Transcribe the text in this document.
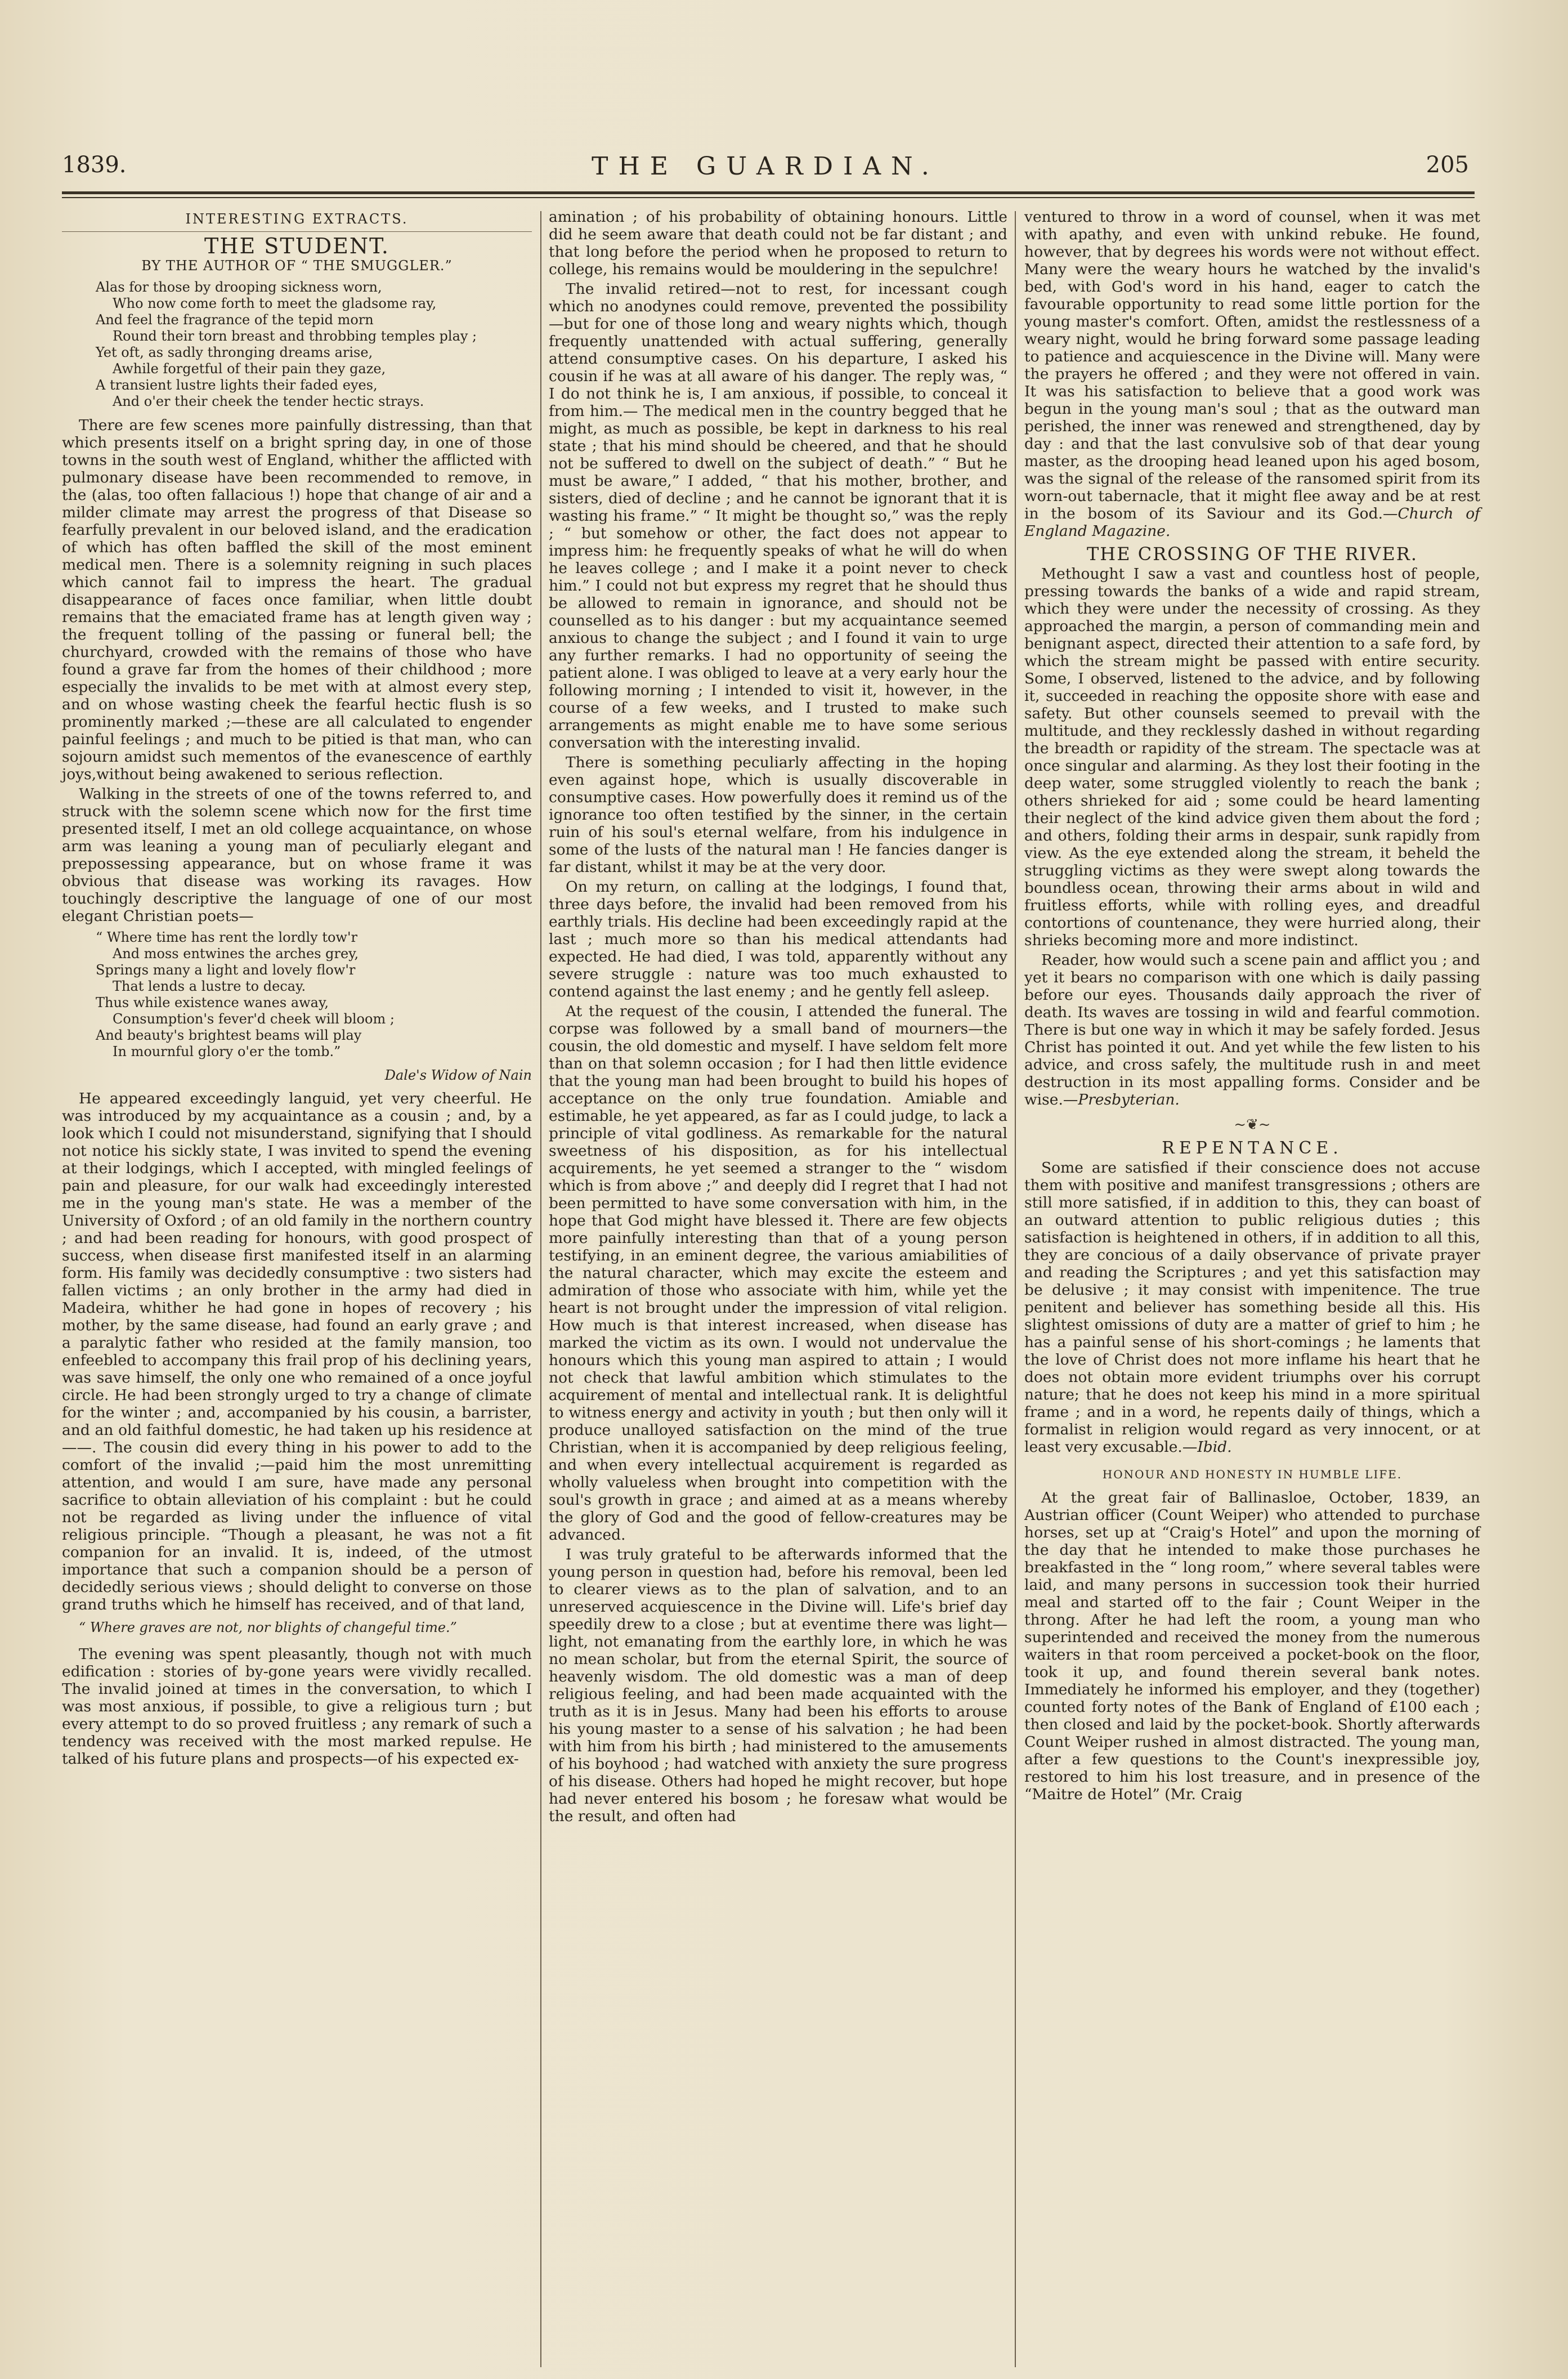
1839.	THE GUARDIAN.	205
INTERESTING EXTRACTS.
THE STUDENT.
BY THE AUTHOR OF “ THE SMUGGLER.”
Alas for those by drooping sickness worn,
Who now come forth to meet the gladsome ray,
And feel the fragrance of the tepid morn
Round their torn breast and throbbing temples play ;
Yet oft, as sadly thronging dreams arise,
Awhile forgetful of their pain they gaze,
A transient lustre lights their faded eyes,
And o'er their cheek the tender hectic strays.

There are few scenes more painfully distressing, than that which presents itself on a bright spring day, in one of those towns in the south west of England, whither the afflicted with pulmonary disease have been recommended to remove, in the (alas, too often fallacious !) hope that change of air and a milder climate may arrest the progress of that Disease so fearfully prevalent in our beloved island, and the eradication of which has often baffled the skill of the most eminent medical men. There is a solemnity reigning in such places which cannot fail to impress the heart. The gradual disappearance of faces once familiar, when little doubt remains that the emaciated frame has at length given way ; the frequent tolling of the passing or funeral bell; the churchyard, crowded with the remains of those who have found a grave far from the homes of their childhood ; more especially the invalids to be met with at almost every step, and on whose wasting cheek the fearful hectic flush is so prominently marked ;—these are all calculated to engender painful feelings ; and much to be pitied is that man, who can sojourn amidst such mementos of the evanescence of earthly joys,without being awakened to serious reflection.

Walking in the streets of one of the towns referred to, and struck with the solemn scene which now for the first time presented itself, I met an old college acquaintance, on whose arm was leaning a young man of peculiarly elegant and prepossessing appearance, but on whose frame it was obvious that disease was working its ravages. How touchingly descriptive the language of one of our most elegant Christian poets—

“ Where time has rent the lordly tow'r
And moss entwines the arches grey,
Springs many a light and lovely flow'r
That lends a lustre to decay.
Thus while existence wanes away,
Consumption's fever'd cheek will bloom ;
And beauty's brightest beams will play
In mournful glory o'er the tomb.”
Dale's Widow of Nain

He appeared exceedingly languid, yet very cheerful. He was introduced by my acquaintance as a cousin ; and, by a look which I could not misunderstand, signifying that I should not notice his sickly state, I was invited to spend the evening at their lodgings, which I accepted, with mingled feelings of pain and pleasure, for our walk had exceedingly interested me in the young man's state. He was a member of the University of Oxford ; of an old family in the northern country ; and had been reading for honours, with good prospect of success, when disease first manifested itself in an alarming form. His family was decidedly consumptive : two sisters had fallen victims ; an only brother in the army had died in Madeira, whither he had gone in hopes of recovery ; his mother, by the same disease, had found an early grave ; and a paralytic father who resided at the family mansion, too enfeebled to accompany this frail prop of his declining years, was save himself, the only one who remained of a once joyful circle. He had been strongly urged to try a change of climate for the winter ; and, accompanied by his cousin, a barrister, and an old faithful domestic, he had taken up his residence at ——. The cousin did every thing in his power to add to the comfort of the invalid ;—paid him the most unremitting attention, and would I am sure, have made any personal sacrifice to obtain alleviation of his complaint : but he could not be regarded as living under the influence of vital religious principle. “Though a pleasant, he was not a fit companion for an invalid. It is, indeed, of the utmost importance that such a companion should be a person of decidedly serious views ; should delight to converse on those grand truths which he himself has received, and of that land,

“ Where graves are not, nor blights of changeful time.”

The evening was spent pleasantly, though not with much edification : stories of by-gone years were vividly recalled. The invalid joined at times in the conversation, to which I was most anxious, if possible, to give a religious turn ; but every attempt to do so proved fruitless ; any remark of such a tendency was received with the most marked repulse. He talked of his future plans and prospects—of his expected ex-

amination ; of his probability of obtaining honours. Little did he seem aware that death could not be far distant ; and that long before the period when he proposed to return to college, his remains would be mouldering in the sepulchre!

The invalid retired—not to rest, for incessant cough which no anodynes could remove, prevented the possibility—but for one of those long and weary nights which, though frequently unattended with actual suffering, generally attend consumptive cases. On his departure, I asked his cousin if he was at all aware of his danger. The reply was, “ I do not think he is, I am anxious, if possible, to conceal it from him.— The medical men in the country begged that he might, as much as possible, be kept in darkness to his real state ; that his mind should be cheered, and that he should not be suffered to dwell on the subject of death.” “ But he must be aware,” I added, “ that his mother, brother, and sisters, died of decline ; and he cannot be ignorant that it is wasting his frame.” “ It might be thought so,” was the reply ; “ but somehow or other, the fact does not appear to impress him: he frequently speaks of what he will do when he leaves college ; and I make it a point never to check him.” I could not but express my regret that he should thus be allowed to remain in ignorance, and should not be counselled as to his danger : but my acquaintance seemed anxious to change the subject ; and I found it vain to urge any further remarks. I had no opportunity of seeing the patient alone. I was obliged to leave at a very early hour the following morning ; I intended to visit it, however, in the course of a few weeks, and I trusted to make such arrangements as might enable me to have some serious conversation with the interesting invalid.

There is something peculiarly affecting in the hoping even against hope, which is usually discoverable in consumptive cases. How powerfully does it remind us of the ignorance too often testified by the sinner, in the certain ruin of his soul's eternal welfare, from his indulgence in some of the lusts of the natural man ! He fancies danger is far distant, whilst it may be at the very door.

On my return, on calling at the lodgings, I found that, three days before, the invalid had been removed from his earthly trials. His decline had been exceedingly rapid at the last ; much more so than his medical attendants had expected. He had died, I was told, apparently without any severe struggle : nature was too much exhausted to contend against the last enemy ; and he gently fell asleep.

At the request of the cousin, I attended the funeral. The corpse was followed by a small band of mourners—the cousin, the old domestic and myself. I have seldom felt more than on that solemn occasion ; for I had then little evidence that the young man had been brought to build his hopes of acceptance on the only true foundation. Amiable and estimable, he yet appeared, as far as I could judge, to lack a principle of vital godliness. As remarkable for the natural sweetness of his disposition, as for his intellectual acquirements, he yet seemed a stranger to the “ wisdom which is from above ;” and deeply did I regret that I had not been permitted to have some conversation with him, in the hope that God might have blessed it. There are few objects more painfully interesting than that of a young person testifying, in an eminent degree, the various amiabilities of the natural character, which may excite the esteem and admiration of those who associate with him, while yet the heart is not brought under the impression of vital religion. How much is that interest increased, when disease has marked the victim as its own. I would not undervalue the honours which this young man aspired to attain ; I would not check that lawful ambition which stimulates to the acquirement of mental and intellectual rank. It is delightful to witness energy and activity in youth ; but then only will it produce unalloyed satisfaction on the mind of the true Christian, when it is accompanied by deep religious feeling, and when every intellectual acquirement is regarded as wholly valueless when brought into competition with the soul's growth in grace ; and aimed at as a means whereby the glory of God and the good of fellow-creatures may be advanced.

I was truly grateful to be afterwards informed that the young person in question had, before his removal, been led to clearer views as to the plan of salvation, and to an unreserved acquiescence in the Divine will. Life's brief day speedily drew to a close ; but at eventime there was light—light, not emanating from the earthly lore, in which he was no mean scholar, but from the eternal Spirit, the source of heavenly wisdom. The old domestic was a man of deep religious feeling, and had been made acquainted with the truth as it is in Jesus. Many had been his efforts to arouse his young master to a sense of his salvation ; he had been with him from his birth ; had ministered to the amusements of his boyhood ; had watched with anxiety the sure progress of his disease. Others had hoped he might recover, but hope had never entered his bosom ; he foresaw what would be the result, and often had

ventured to throw in a word of counsel, when it was met with apathy, and even with unkind rebuke. He found, however, that by degrees his words were not without effect. Many were the weary hours he watched by the invalid's bed, with God's word in his hand, eager to catch the favourable opportunity to read some little portion for the young master's comfort. Often, amidst the restlessness of a weary night, would he bring forward some passage leading to patience and acquiescence in the Divine will. Many were the prayers he offered ; and they were not offered in vain. It was his satisfaction to believe that a good work was begun in the young man's soul ; that as the outward man perished, the inner was renewed and strengthened, day by day : and that the last convulsive sob of that dear young master, as the drooping head leaned upon his aged bosom, was the signal of the release of the ransomed spirit from its worn-out tabernacle, that it might flee away and be at rest in the bosom of its Saviour and its God.—Church of England Magazine.

THE CROSSING OF THE RIVER.

Methought I saw a vast and countless host of people, pressing towards the banks of a wide and rapid stream, which they were under the necessity of crossing. As they approached the margin, a person of commanding mein and benignant aspect, directed their attention to a safe ford, by which the stream might be passed with entire security. Some, I observed, listened to the advice, and by following it, succeeded in reaching the opposite shore with ease and safety. But other counsels seemed to prevail with the multitude, and they recklessly dashed in without regarding the breadth or rapidity of the stream. The spectacle was at once singular and alarming. As they lost their footing in the deep water, some struggled violently to reach the bank ; others shrieked for aid ; some could be heard lamenting their neglect of the kind advice given them about the ford ; and others, folding their arms in despair, sunk rapidly from view. As the eye extended along the stream, it beheld the struggling victims as they were swept along towards the boundless ocean, throwing their arms about in wild and fruitless efforts, while with rolling eyes, and dreadful contortions of countenance, they were hurried along, their shrieks becoming more and more indistinct.

Reader, how would such a scene pain and afflict you ; and yet it bears no comparison with one which is daily passing before our eyes. Thousands daily approach the river of death. Its waves are tossing in wild and fearful commotion. There is but one way in which it may be safely forded. Jesus Christ has pointed it out. And yet while the few listen to his advice, and cross safely, the multitude rush in and meet destruction in its most appalling forms. Consider and be wise.—Presbyterian.

~❦~
REPENTANCE.

Some are satisfied if their conscience does not accuse them with positive and manifest transgressions ; others are still more satisfied, if in addition to this, they can boast of an outward attention to public religious duties ; this satisfaction is heightened in others, if in addition to all this, they are concious of a daily observance of private prayer and reading the Scriptures ; and yet this satisfaction may be delusive ; it may consist with impenitence. The true penitent and believer has something beside all this. His slightest omissions of duty are a matter of grief to him ; he has a painful sense of his short-comings ; he laments that the love of Christ does not more inflame his heart that he does not obtain more evident triumphs over his corrupt nature; that he does not keep his mind in a more spiritual frame ; and in a word, he repents daily of things, which a formalist in religion would regard as very innocent, or at least very excusable.—Ibid.

HONOUR AND HONESTY IN HUMBLE LIFE.

At the great fair of Ballinasloe, October, 1839, an Austrian officer (Count Weiper) who attended to purchase horses, set up at “Craig's Hotel” and upon the morning of the day that he intended to make those purchases he breakfasted in the “ long room,” where several tables were laid, and many persons in succession took their hurried meal and started off to the fair ; Count Weiper in the throng. After he had left the room, a young man who superintended and received the money from the numerous waiters in that room perceived a pocket-book on the floor, took it up, and found therein several bank notes. Immediately he informed his employer, and they (together) counted forty notes of the Bank of England of £100 each ; then closed and laid by the pocket-book. Shortly afterwards Count Weiper rushed in almost distracted. The young man, after a few questions to the Count's inexpressible joy, restored to him his lost treasure, and in presence of the “Maitre de Hotel” (Mr. Craig
